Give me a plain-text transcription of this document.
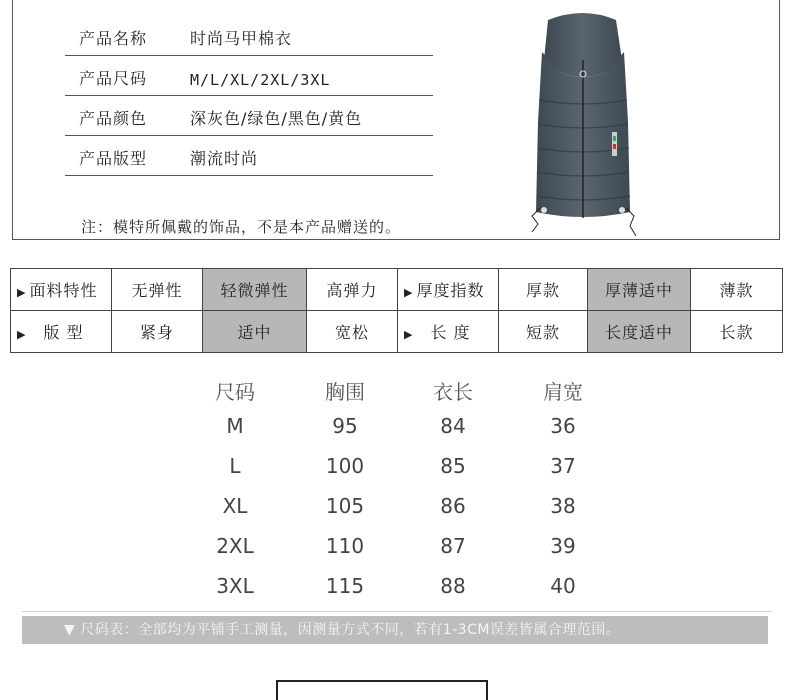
产品名称	时尚马甲棉衣
产品尺码	M/L/XL/2XL/3XL
产品颜色	深灰色/绿色/黑色/黄色
产品版型	潮流时尚
注：模特所佩戴的饰品，不是本产品赠送的。
▶ 面料特性	无弹性	轻微弹性	高弹力	▶ 厚度指数	厚款	厚薄适中	薄款
▶ 版 型	紧身	适中	宽松	▶ 长 度	短款	长度适中	长款
尺码	胸围	衣长	肩宽
M	95	84	36
L	100	85	37
XL	105	86	38
2XL	110	87	39
3XL	115	88	40
▼ 尺码表：全部均为平铺手工测量，因测量方式不同，若有1-3CM误差皆属合理范围。
